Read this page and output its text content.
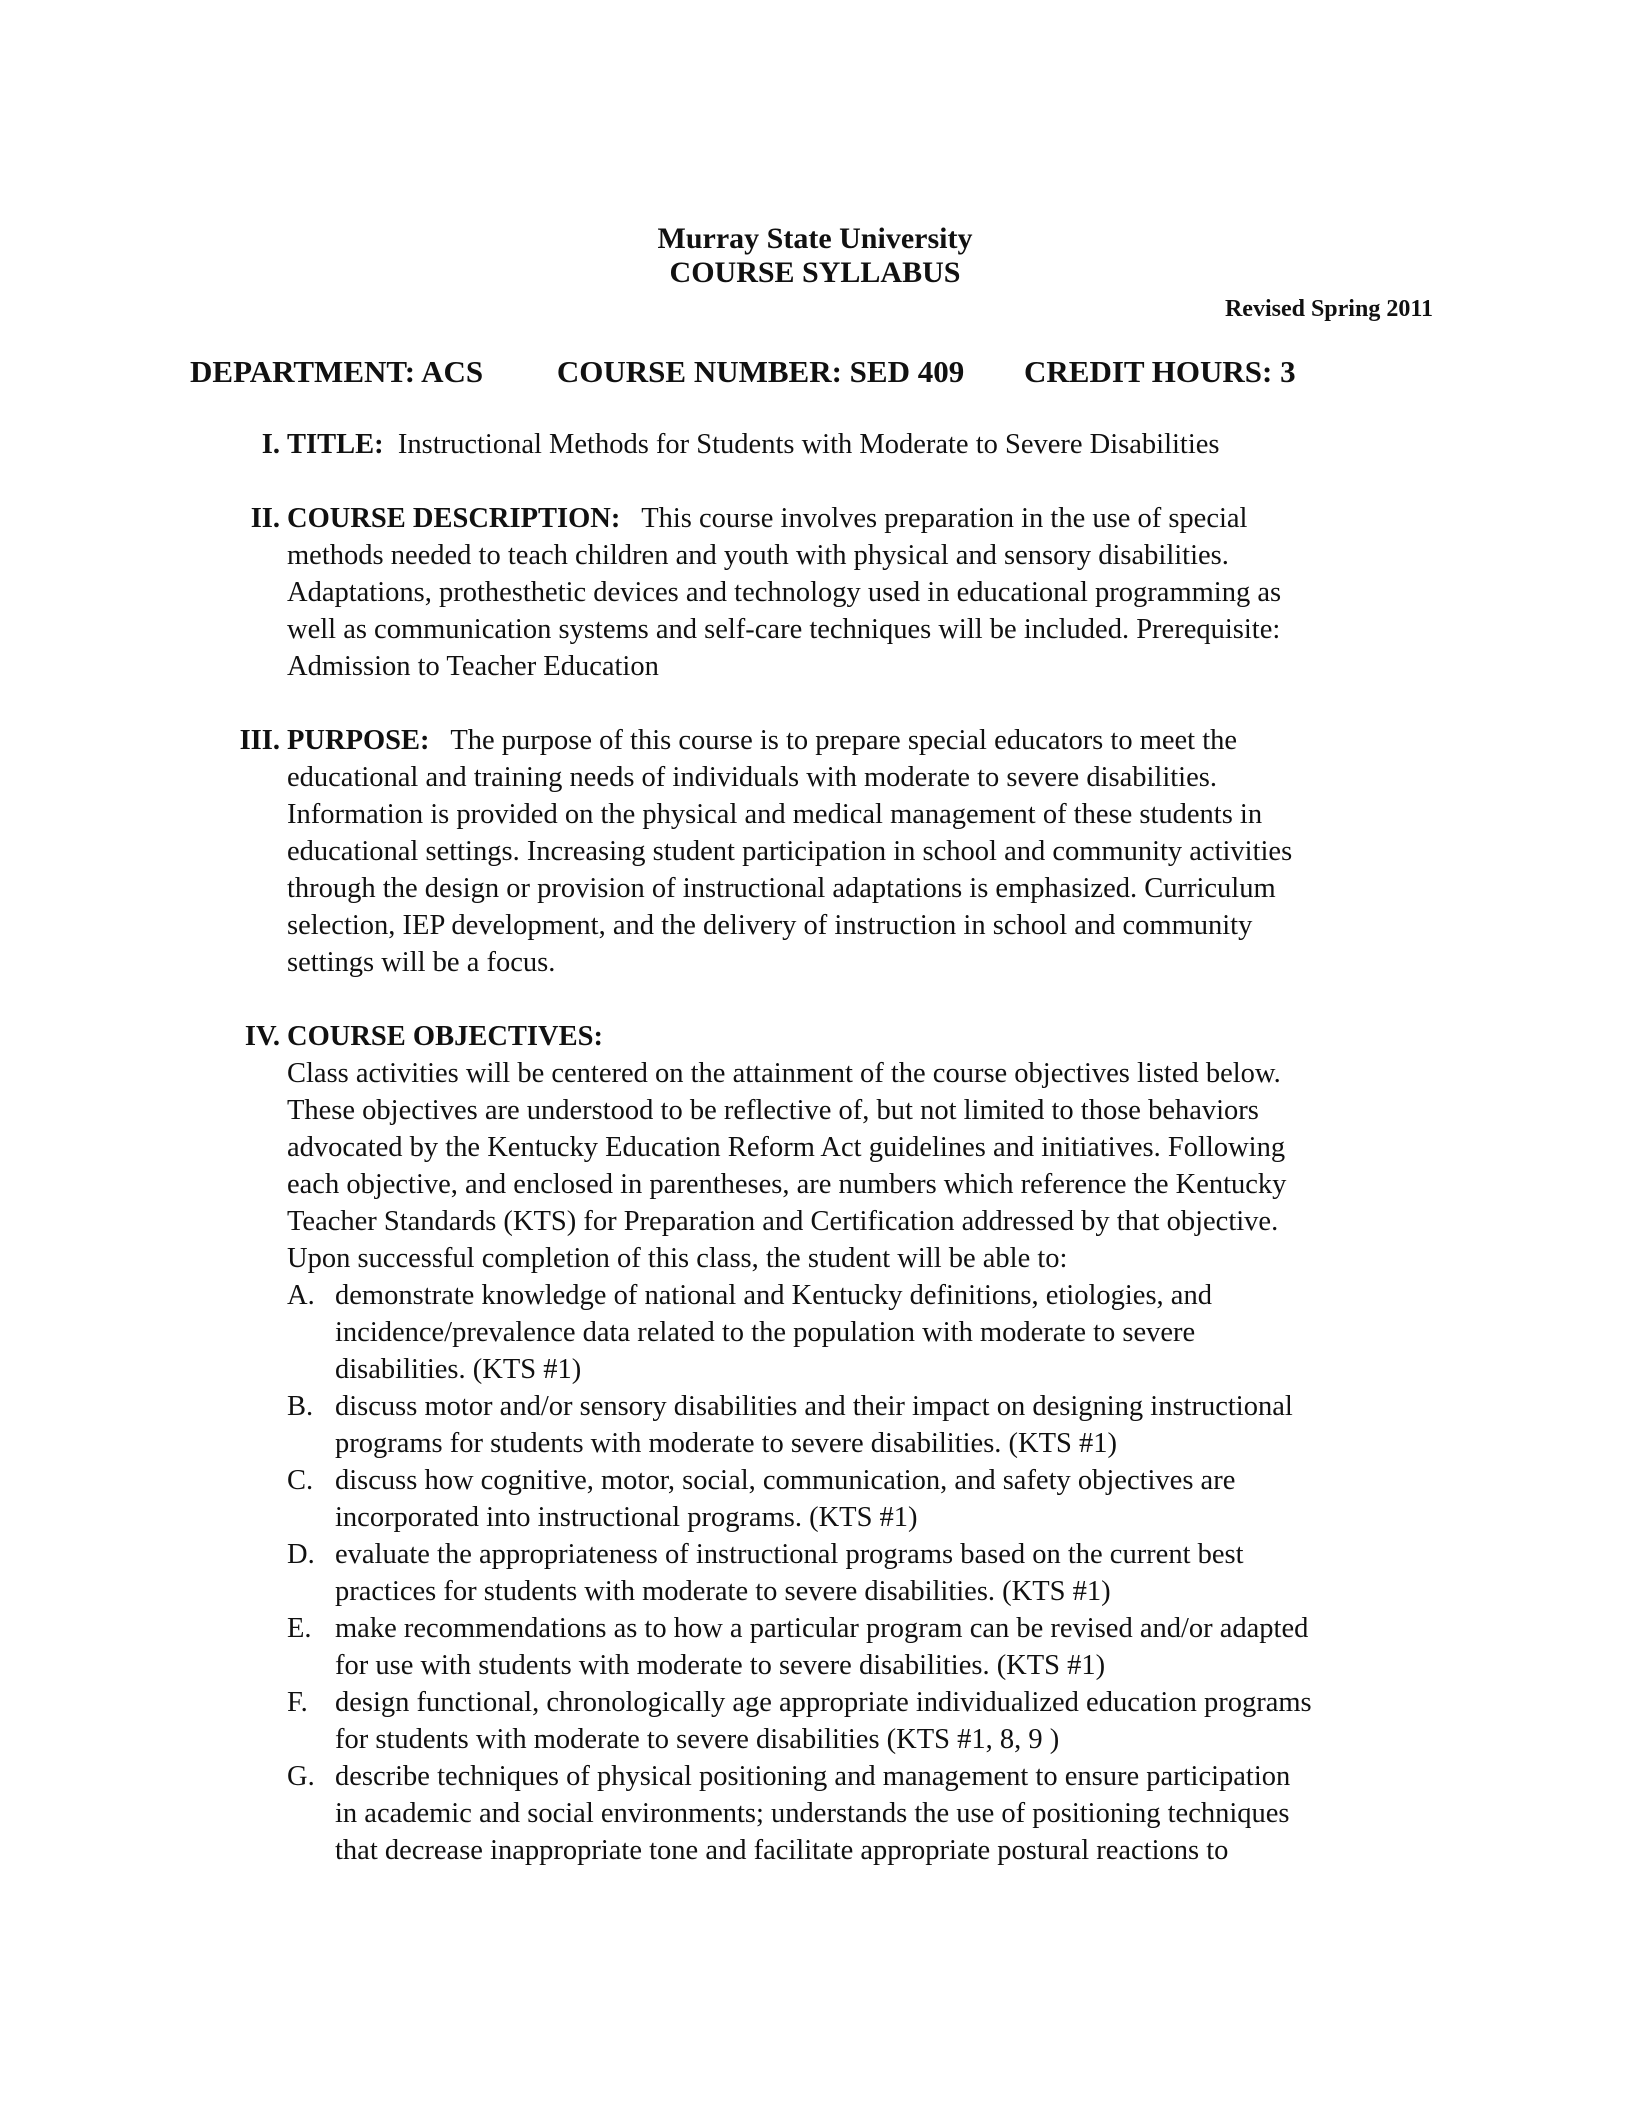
Murray State University
COURSE SYLLABUS
Revised Spring 2011
DEPARTMENT: ACS COURSE NUMBER: SED 409 CREDIT HOURS: 3
I. TITLE: Instructional Methods for Students with Moderate to Severe Disabilities
II. COURSE DESCRIPTION: This course involves preparation in the use of special
methods needed to teach children and youth with physical and sensory disabilities.
Adaptations, prothesthetic devices and technology used in educational programming as
well as communication systems and self-care techniques will be included. Prerequisite:
Admission to Teacher Education
III. PURPOSE: The purpose of this course is to prepare special educators to meet the
educational and training needs of individuals with moderate to severe disabilities.
Information is provided on the physical and medical management of these students in
educational settings. Increasing student participation in school and community activities
through the design or provision of instructional adaptations is emphasized. Curriculum
selection, IEP development, and the delivery of instruction in school and community
settings will be a focus.
IV. COURSE OBJECTIVES:
Class activities will be centered on the attainment of the course objectives listed below.
These objectives are understood to be reflective of, but not limited to those behaviors
advocated by the Kentucky Education Reform Act guidelines and initiatives. Following
each objective, and enclosed in parentheses, are numbers which reference the Kentucky
Teacher Standards (KTS) for Preparation and Certification addressed by that objective.
Upon successful completion of this class, the student will be able to:
A. demonstrate knowledge of national and Kentucky definitions, etiologies, and
incidence/prevalence data related to the population with moderate to severe
disabilities. (KTS #1)
B. discuss motor and/or sensory disabilities and their impact on designing instructional
programs for students with moderate to severe disabilities. (KTS #1)
C. discuss how cognitive, motor, social, communication, and safety objectives are
incorporated into instructional programs. (KTS #1)
D. evaluate the appropriateness of instructional programs based on the current best
practices for students with moderate to severe disabilities. (KTS #1)
E. make recommendations as to how a particular program can be revised and/or adapted
for use with students with moderate to severe disabilities. (KTS #1)
F. design functional, chronologically age appropriate individualized education programs
for students with moderate to severe disabilities (KTS #1, 8, 9 )
G. describe techniques of physical positioning and management to ensure participation
in academic and social environments; understands the use of positioning techniques
that decrease inappropriate tone and facilitate appropriate postural reactions to
